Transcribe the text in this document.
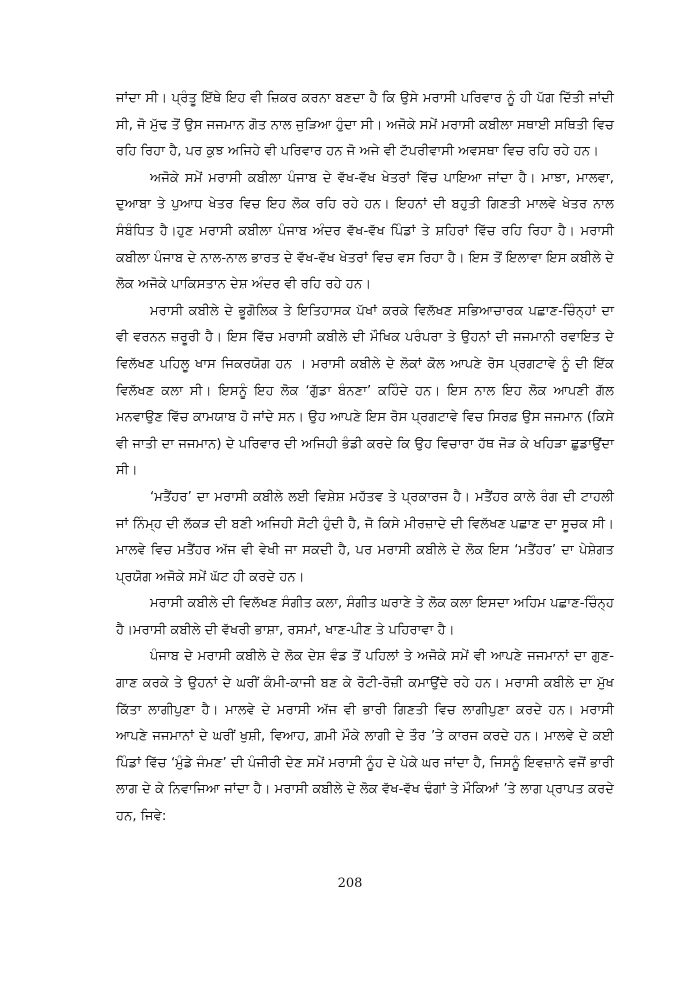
ਜਾਂਦਾ ਸੀ। ਪ੍ਰੰਤੂ ਇੱਥੇ ਇਹ ਵੀ ਜ਼ਿਕਰ ਕਰਨਾ ਬਣਦਾ ਹੈ ਕਿ ਉਸੇ ਮਰਾਸੀ ਪਰਿਵਾਰ ਨੂੰ ਹੀ ਪੱਗ ਦਿੱਤੀ ਜਾਂਦੀ ਸੀ, ਜੋ ਮੁੱਢ ਤੋਂ ਉਸ ਜਜਮਾਨ ਗੋਤ ਨਾਲ ਜੁੜਿਆ ਹੁੰਦਾ ਸੀ। ਅਜੋਕੇ ਸਮੇਂ ਮਰਾਸੀ ਕਬੀਲਾ ਸਥਾਈ ਸਥਿਤੀ ਵਿਚ ਰਹਿ ਰਿਹਾ ਹੈ, ਪਰ ਕੁਝ ਅਜਿਹੇ ਵੀ ਪਰਿਵਾਰ ਹਨ ਜੋ ਅਜੇ ਵੀ ਟੱਪਰੀਵਾਸੀ ਅਵਸਥਾ ਵਿਚ ਰਹਿ ਰਹੇ ਹਨ।

ਅਜੋਕੇ ਸਮੇਂ ਮਰਾਸੀ ਕਬੀਲਾ ਪੰਜਾਬ ਦੇ ਵੱਖ-ਵੱਖ ਖੇਤਰਾਂ ਵਿੱਚ ਪਾਇਆ ਜਾਂਦਾ ਹੈ। ਮਾਝਾ, ਮਾਲਵਾ, ਦੁਆਬਾ ਤੇ ਪੁਆਧ ਖੇਤਰ ਵਿਚ ਇਹ ਲੋਕ ਰਹਿ ਰਹੇ ਹਨ। ਇਹਨਾਂ ਦੀ ਬਹੁਤੀ ਗਿਣਤੀ ਮਾਲਵੇ ਖੇਤਰ ਨਾਲ ਸੰਬੰਧਿਤ ਹੈ।ਹੁਣ ਮਰਾਸੀ ਕਬੀਲਾ ਪੰਜਾਬ ਅੰਦਰ ਵੱਖ-ਵੱਖ ਪਿੰਡਾਂ ਤੇ ਸ਼ਹਿਰਾਂ ਵਿੱਚ ਰਹਿ ਰਿਹਾ ਹੈ। ਮਰਾਸੀ ਕਬੀਲਾ ਪੰਜਾਬ ਦੇ ਨਾਲ-ਨਾਲ ਭਾਰਤ ਦੇ ਵੱਖ-ਵੱਖ ਖੇਤਰਾਂ ਵਿਚ ਵਸ ਰਿਹਾ ਹੈ। ਇਸ ਤੋਂ ਇਲਾਵਾ ਇਸ ਕਬੀਲੇ ਦੇ ਲੋਕ ਅਜੋਕੇ ਪਾਕਿਸਤਾਨ ਦੇਸ਼ ਅੰਦਰ ਵੀ ਰਹਿ ਰਹੇ ਹਨ।

ਮਰਾਸੀ ਕਬੀਲੇ ਦੇ ਭੂਗੋਲਿਕ ਤੇ ਇਤਿਹਾਸਕ ਪੱਖਾਂ ਕਰਕੇ ਵਿਲੱਖਣ ਸਭਿਆਚਾਰਕ ਪਛਾਣ-ਚਿੰਨ੍ਹਾਂ ਦਾ ਵੀ ਵਰਨਨ ਜ਼ਰੂਰੀ ਹੈ। ਇਸ ਵਿੱਚ ਮਰਾਸੀ ਕਬੀਲੇ ਦੀ ਮੌਖਿਕ ਪਰੰਪਰਾ ਤੇ ਉਹਨਾਂ ਦੀ ਜਜਮਾਨੀ ਰਵਾਇਤ ਦੇ ਵਿਲੱਖਣ ਪਹਿਲੂ ਖਾਸ ਜਿਕਰਯੋਗ ਹਨ । ਮਰਾਸੀ ਕਬੀਲੇ ਦੇ ਲੋਕਾਂ ਕੋਲ ਆਪਣੇ ਰੋਸ ਪ੍ਰਗਟਾਵੇ ਨੂੰ ਦੀ ਇੱਕ ਵਿਲੱਖਣ ਕਲਾ ਸੀ। ਇਸਨੂੰ ਇਹ ਲੋਕ ‘ਗੁੱਡਾ ਬੰਨਣਾ’ ਕਹਿੰਦੇ ਹਨ। ਇਸ ਨਾਲ ਇਹ ਲੋਕ ਆਪਣੀ ਗੱਲ ਮਨਵਾਉਣ ਵਿੱਚ ਕਾਮਯਾਬ ਹੋ ਜਾਂਦੇ ਸਨ। ਉਹ ਆਪਣੇ ਇਸ ਰੋਸ ਪ੍ਰਗਟਾਵੇ ਵਿਚ ਸਿਰਫ਼ ਉਸ ਜਜਮਾਨ (ਕਿਸੇ ਵੀ ਜਾਤੀ ਦਾ ਜਜਮਾਨ) ਦੇ ਪਰਿਵਾਰ ਦੀ ਅਜਿਹੀ ਭੰਡੀ ਕਰਦੇ ਕਿ ਉਹ ਵਿਚਾਰਾ ਹੱਥ ਜੋੜ ਕੇ ਖਹਿੜਾ ਛੁਡਾਉਂਦਾ ਸੀ।

‘ਮਤੈਂਹਰ’ ਦਾ ਮਰਾਸੀ ਕਬੀਲੇ ਲਈ ਵਿਸ਼ੇਸ਼ ਮਹੱਤਵ ਤੇ ਪ੍ਰਕਾਰਜ ਹੈ। ਮਤੈਂਹਰ ਕਾਲੇ ਰੰਗ ਦੀ ਟਾਹਲੀ ਜਾਂ ਨਿੰਮ੍ਹ ਦੀ ਲੱਕੜ ਦੀ ਬਣੀ ਅਜਿਹੀ ਸੋਟੀ ਹੁੰਦੀ ਹੈ, ਜੋ ਕਿਸੇ ਮੀਰਜ਼ਾਦੇ ਦੀ ਵਿਲੱਖਣ ਪਛਾਣ ਦਾ ਸੂਚਕ ਸੀ। ਮਾਲਵੇ ਵਿਚ ਮਤੈਂਹਰ ਅੱਜ ਵੀ ਵੇਖੀ ਜਾ ਸਕਦੀ ਹੈ, ਪਰ ਮਰਾਸੀ ਕਬੀਲੇ ਦੇ ਲੋਕ ਇਸ ‘ਮਤੈਂਹਰ’ ਦਾ ਪੇਸ਼ੇਗਤ ਪ੍ਰਯੋਗ ਅਜੋਕੇ ਸਮੇਂ ਘੱਟ ਹੀ ਕਰਦੇ ਹਨ।

ਮਰਾਸੀ ਕਬੀਲੇ ਦੀ ਵਿਲੱਖਣ ਸੰਗੀਤ ਕਲਾ, ਸੰਗੀਤ ਘਰਾਣੇ ਤੇ ਲੋਕ ਕਲਾ ਇਸਦਾ ਅਹਿਮ ਪਛਾਣ-ਚਿੰਨ੍ਹ ਹੈ।ਮਰਾਸੀ ਕਬੀਲੇ ਦੀ ਵੱਖਰੀ ਭਾਸ਼ਾ, ਰਸਮਾਂ, ਖਾਣ-ਪੀਣ ਤੇ ਪਹਿਰਾਵਾ ਹੈ।

ਪੰਜਾਬ ਦੇ ਮਰਾਸੀ ਕਬੀਲੇ ਦੇ ਲੋਕ ਦੇਸ਼ ਵੰਡ ਤੋਂ ਪਹਿਲਾਂ ਤੇ ਅਜੋਕੇ ਸਮੇਂ ਵੀ ਆਪਣੇ ਜਜਮਾਨਾਂ ਦਾ ਗੁਣ-ਗਾਣ ਕਰਕੇ ਤੇ ਉਹਨਾਂ ਦੇ ਘਰੀਂ ਕੰਮੀ-ਕਾਜੀ ਬਣ ਕੇ ਰੋਟੀ-ਰੋਜ਼ੀ ਕਮਾਉਂਦੇ ਰਹੇ ਹਨ। ਮਰਾਸੀ ਕਬੀਲੇ ਦਾ ਮੁੱਖ ਕਿੱਤਾ ਲਾਗੀਪੁਣਾ ਹੈ। ਮਾਲਵੇ ਦੇ ਮਰਾਸੀ ਅੱਜ ਵੀ ਭਾਰੀ ਗਿਣਤੀ ਵਿਚ ਲਾਗੀਪੁਣਾ ਕਰਦੇ ਹਨ। ਮਰਾਸੀ ਆਪਣੇ ਜਜਮਾਨਾਂ ਦੇ ਘਰੀਂ ਖੁਸ਼ੀ, ਵਿਆਹ, ਗ਼ਮੀ ਮੌਕੇ ਲਾਗੀ ਦੇ ਤੌਰ ’ਤੇ ਕਾਰਜ ਕਰਦੇ ਹਨ। ਮਾਲਵੇ ਦੇ ਕਈ ਪਿੰਡਾਂ ਵਿੱਚ ‘ਮੁੰਡੇ ਜੰਮਣ’ ਦੀ ਪੰਜੀਰੀ ਦੇਣ ਸਮੇਂ ਮਰਾਸੀ ਨੂੰਹ ਦੇ ਪੇਕੇ ਘਰ ਜਾਂਦਾ ਹੈ, ਜਿਸਨੂੰ ਇਵਜ਼ਾਨੇ ਵਜੋਂ ਭਾਰੀ ਲਾਗ ਦੇ ਕੇ ਨਿਵਾਜਿਆ ਜਾਂਦਾ ਹੈ। ਮਰਾਸੀ ਕਬੀਲੇ ਦੇ ਲੋਕ ਵੱਖ-ਵੱਖ ਢੰਗਾਂ ਤੇ ਮੌਕਿਆਂ ’ਤੇ ਲਾਗ ਪ੍ਰਾਪਤ ਕਰਦੇ ਹਨ, ਜਿਵੇ:

208
